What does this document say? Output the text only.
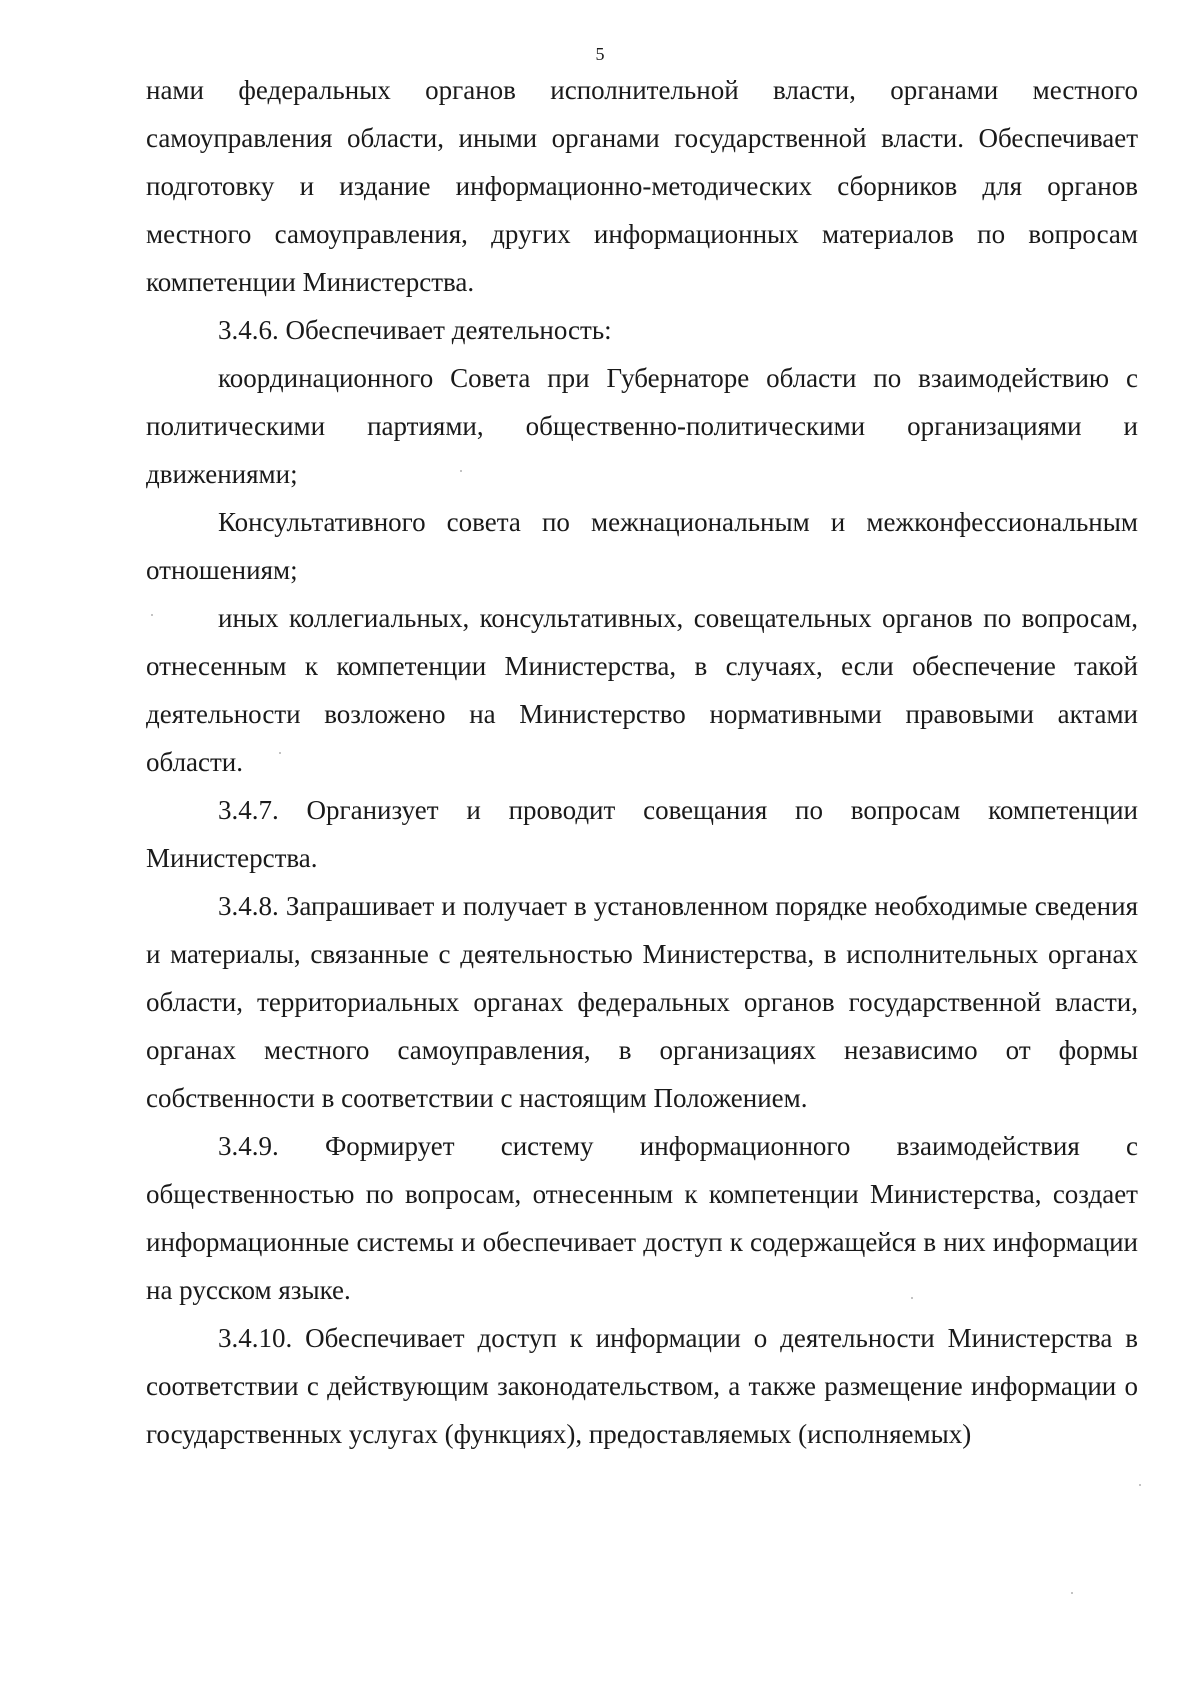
5

нами федеральных органов исполнительной власти, органами местного самоуправления области, иными органами государственной власти. Обеспечивает подготовку и издание информационно-методических сборников для органов местного самоуправления, других информационных материалов по вопросам компетенции Министерства.

3.4.6. Обеспечивает деятельность:

координационного Совета при Губернаторе области по взаимодействию с политическими партиями, общественно-политическими организациями и движениями;

Консультативного совета по межнациональным и межконфессиональным отношениям;

иных коллегиальных, консультативных, совещательных органов по вопросам, отнесенным к компетенции Министерства, в случаях, если обеспечение такой деятельности возложено на Министерство нормативными правовыми актами области.

3.4.7. Организует и проводит совещания по вопросам компетенции Министерства.

3.4.8. Запрашивает и получает в установленном порядке необходимые сведения и материалы, связанные с деятельностью Министерства, в исполнительных органах области, территориальных органах федеральных органов государственной власти, органах местного самоуправления, в организациях независимо от формы собственности в соответствии с настоящим Положением.

3.4.9. Формирует систему информационного взаимодействия с общественностью по вопросам, отнесенным к компетенции Министерства, создает информационные системы и обеспечивает доступ к содержащейся в них информации на русском языке.

3.4.10. Обеспечивает доступ к информации о деятельности Министерства в соответствии с действующим законодательством, а также размещение информации о государственных услугах (функциях), предоставляемых (исполняемых)
